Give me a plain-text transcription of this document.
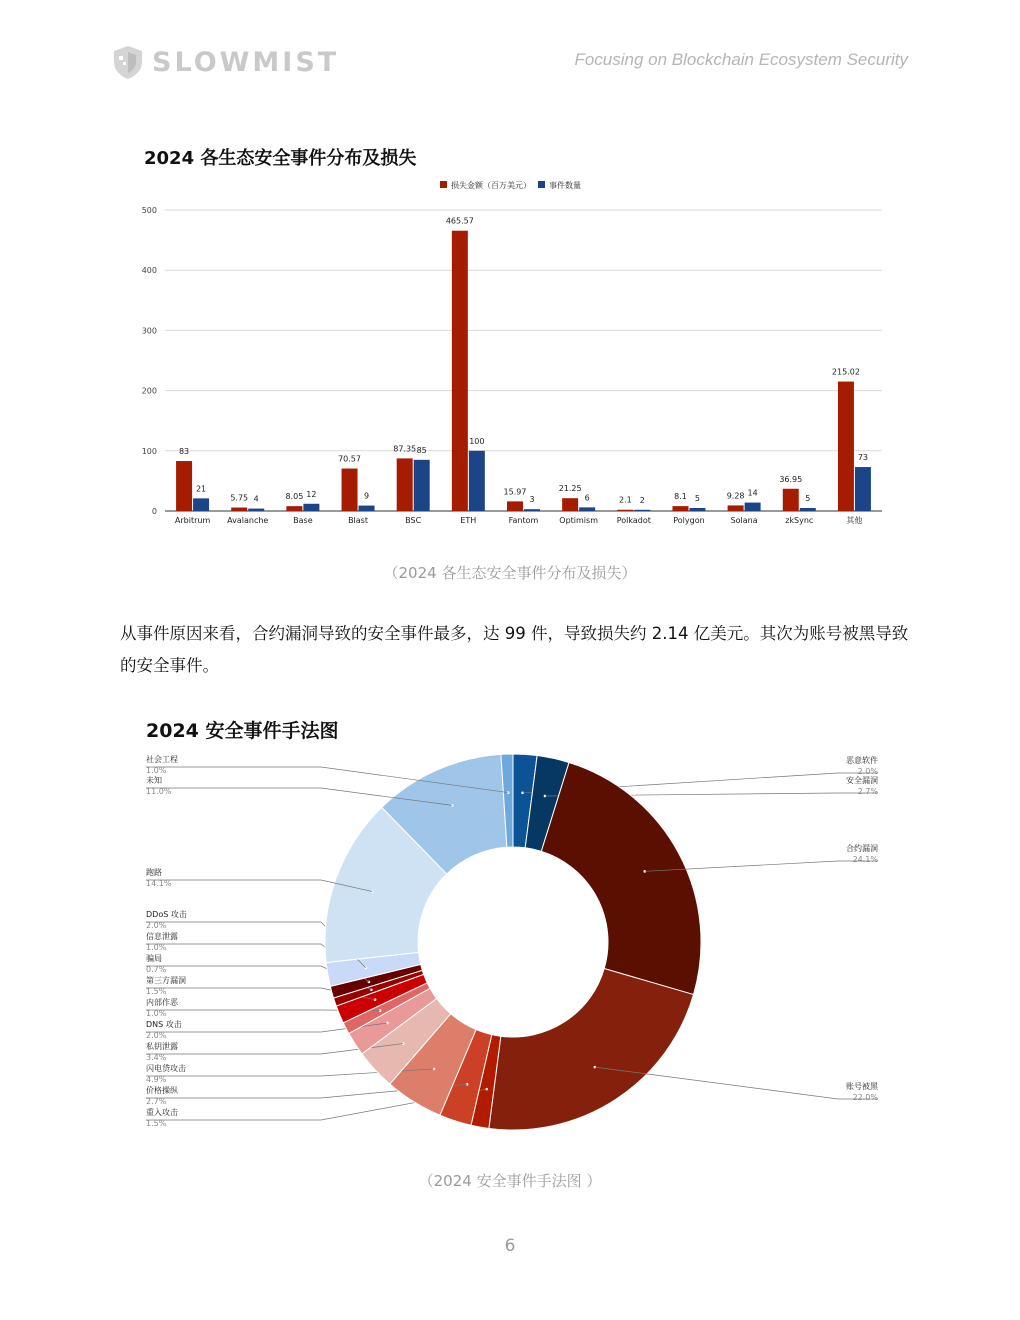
SLOWMIST	Focusing on Blockchain Ecosystem Security
2024 各生态安全事件分布及损失
损失金额（百万美元） 事件数量
0
100
200
300
400
500
83
21
Arbitrum
5.75 4
Avalanche
8.05 12
Base
70.57
9
Blast
87.35 85
BSC
465.57
100
ETH
15.97
3
Fantom
21.25
6
Optimism
2.1 2
Polkadot
8.1 5
Polygon
9.28 14
Solana
36.95
5
zkSync
215.02
73
其他
（2024 各生态安全事件分布及损失）
从事件原因来看，合约漏洞导致的安全事件最多，达 99 件，导致损失约 2.14 亿美元。其次为账号被黑导致的安全事件。
2024 安全事件手法图
恶意软件
2.0%
安全漏洞
2.7%
合约漏洞
24.1%
账号被黑
22.0%
重入攻击
1.5%
价格操纵
2.7%
闪电贷攻击
4.9%
私钥泄露
3.4%
DNS 攻击
2.0%
内部作恶
1.0%
第三方漏洞
1.5%
骗局
0.7%
信息泄露
1.0%
DDoS 攻击
2.0%
跑路
14.1%
未知
11.0%
社会工程
1.0%
（2024 安全事件手法图 ）
6
